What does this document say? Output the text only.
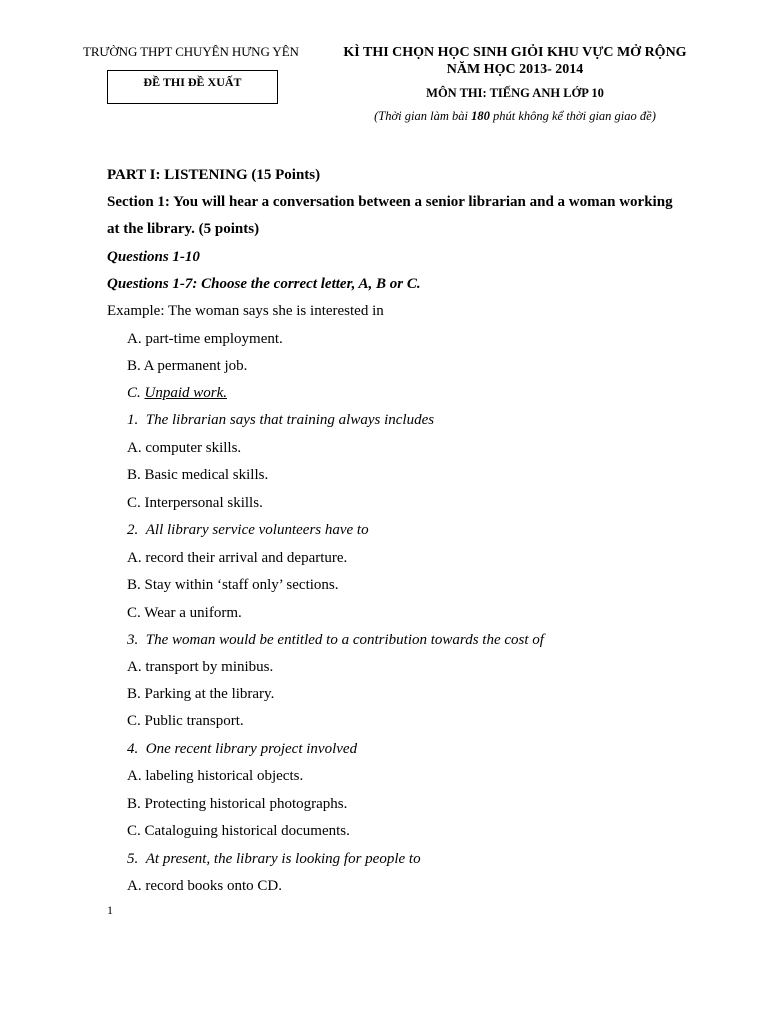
TRƯỜNG THPT CHUYÊN HƯNG YÊN
ĐỀ THI ĐỀ XUẤT
KÌ THI CHỌN HỌC SINH GIỎI KHU VỰC MỞ RỘNG
NĂM HỌC 2013- 2014
MÔN THI: TIẾNG ANH LỚP 10
(Thời gian làm bài 180 phút không kể thời gian giao đề)
PART I: LISTENING (15 Points)
Section 1: You will hear a conversation between a senior librarian and a woman working
at the library. (5 points)
Questions 1-10
Questions 1-7: Choose the correct letter, A, B or C.
Example: The woman says she is interested in
A. part-time employment.
B. A permanent job.
C. Unpaid work.
1. The librarian says that training always includes
A. computer skills.
B. Basic medical skills.
C. Interpersonal skills.
2. All library service volunteers have to
A. record their arrival and departure.
B. Stay within ‘staff only’ sections.
C. Wear a uniform.
3. The woman would be entitled to a contribution towards the cost of
A. transport by minibus.
B. Parking at the library.
C. Public transport.
4. One recent library project involved
A. labeling historical objects.
B. Protecting historical photographs.
C. Cataloguing historical documents.
5. At present, the library is looking for people to
A. record books onto CD.
1
